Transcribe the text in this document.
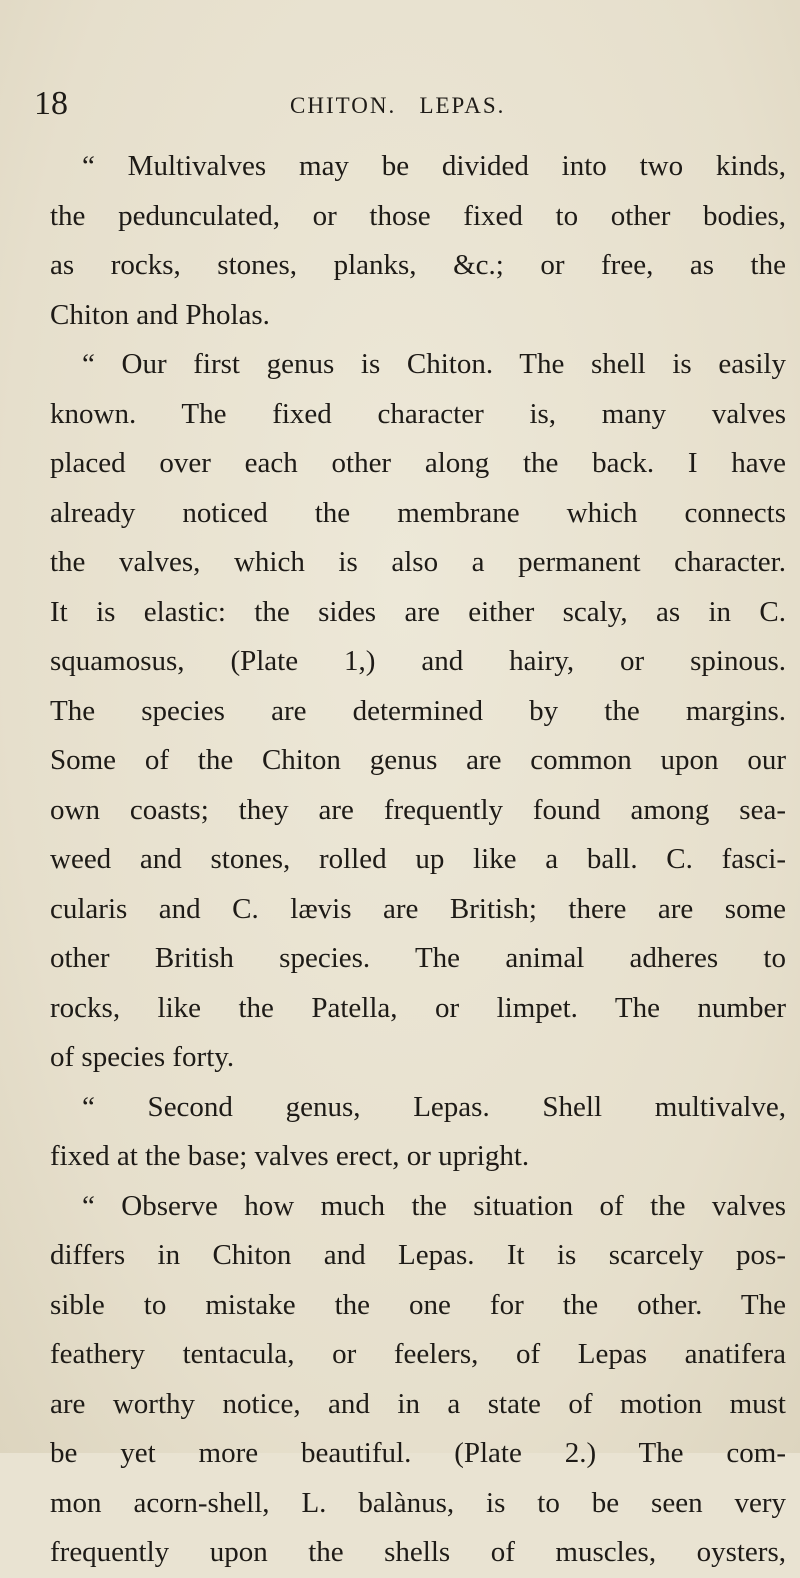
18	CHITON.   LEPAS.
“ Multivalves may be divided into two kinds,
the pedunculated, or those fixed to other bodies,
as rocks, stones, planks, &c.; or free, as the
Chiton and Pholas.
“ Our first genus is Chiton. The shell is easily
known. The fixed character is, many valves
placed over each other along the back. I have
already noticed the membrane which connects
the valves, which is also a permanent character.
It is elastic: the sides are either scaly, as in C.
squamosus, (Plate 1,) and hairy, or spinous.
The species are determined by the margins.
Some of the Chiton genus are common upon our
own coasts; they are frequently found among sea-
weed and stones, rolled up like a ball. C. fasci-
cularis and C. lævis are British; there are some
other British species. The animal adheres to
rocks, like the Patella, or limpet. The number
of species forty.
“ Second genus, Lepas. Shell multivalve,
fixed at the base; valves erect, or upright.
“ Observe how much the situation of the valves
differs in Chiton and Lepas. It is scarcely pos-
sible to mistake the one for the other. The
feathery tentacula, or feelers, of Lepas anatifera
are worthy notice, and in a state of motion must
be yet more beautiful. (Plate 2.) The com-
mon acorn-shell, L. balànus, is to be seen very
frequently upon the shells of muscles, oysters,
